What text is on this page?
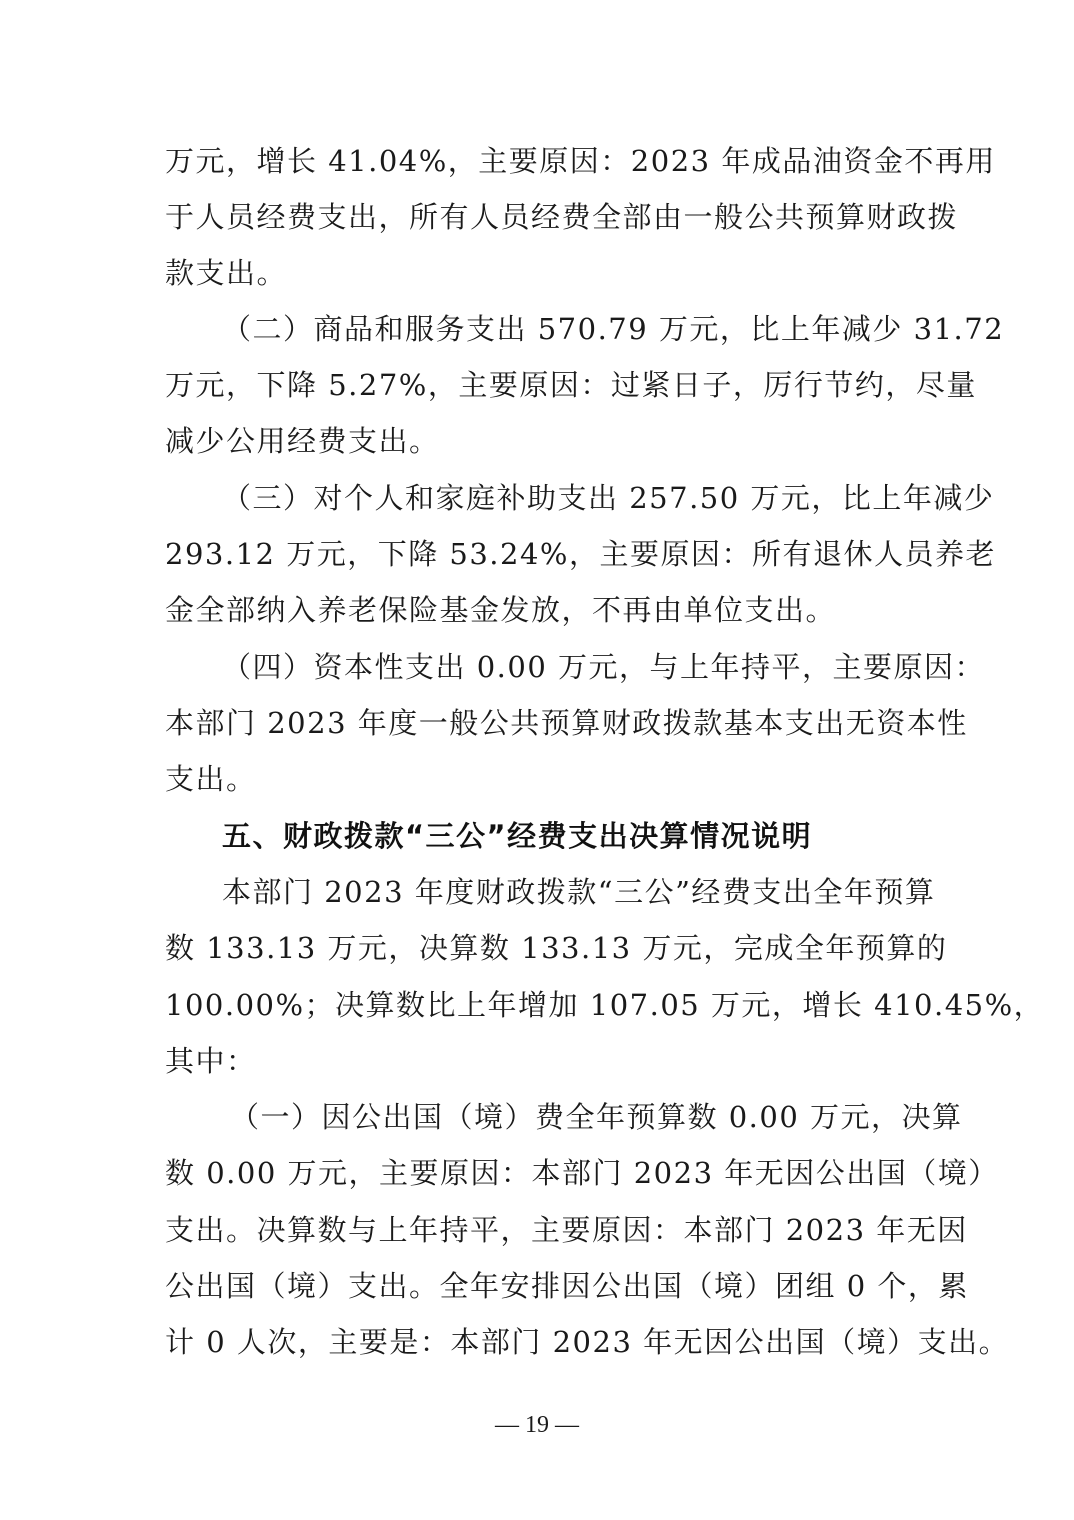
万元，增长 41.04%，主要原因：2023 年成品油资金不再用
于人员经费支出，所有人员经费全部由一般公共预算财政拨
款支出。
（二）商品和服务支出 570.79 万元，比上年减少 31.72
万元，下降 5.27%，主要原因：过紧日子，厉行节约，尽量
减少公用经费支出。
（三）对个人和家庭补助支出 257.50 万元，比上年减少
293.12 万元，下降 53.24%，主要原因：所有退休人员养老
金全部纳入养老保险基金发放，不再由单位支出。
（四）资本性支出 0.00 万元，与上年持平，主要原因：
本部门 2023 年度一般公共预算财政拨款基本支出无资本性
支出。
五、财政拨款“三公”经费支出决算情况说明
本部门 2023 年度财政拨款“三公”经费支出全年预算
数 133.13 万元，决算数 133.13 万元，完成全年预算的
100.00%；决算数比上年增加 107.05 万元，增长 410.45%，
其中：
（一）因公出国（境）费全年预算数 0.00 万元，决算
数 0.00 万元，主要原因：本部门 2023 年无因公出国（境）
支出。决算数与上年持平，主要原因：本部门 2023 年无因
公出国（境）支出。全年安排因公出国（境）团组 0 个，累
计 0 人次，主要是：本部门 2023 年无因公出国（境）支出。
— 19 —
